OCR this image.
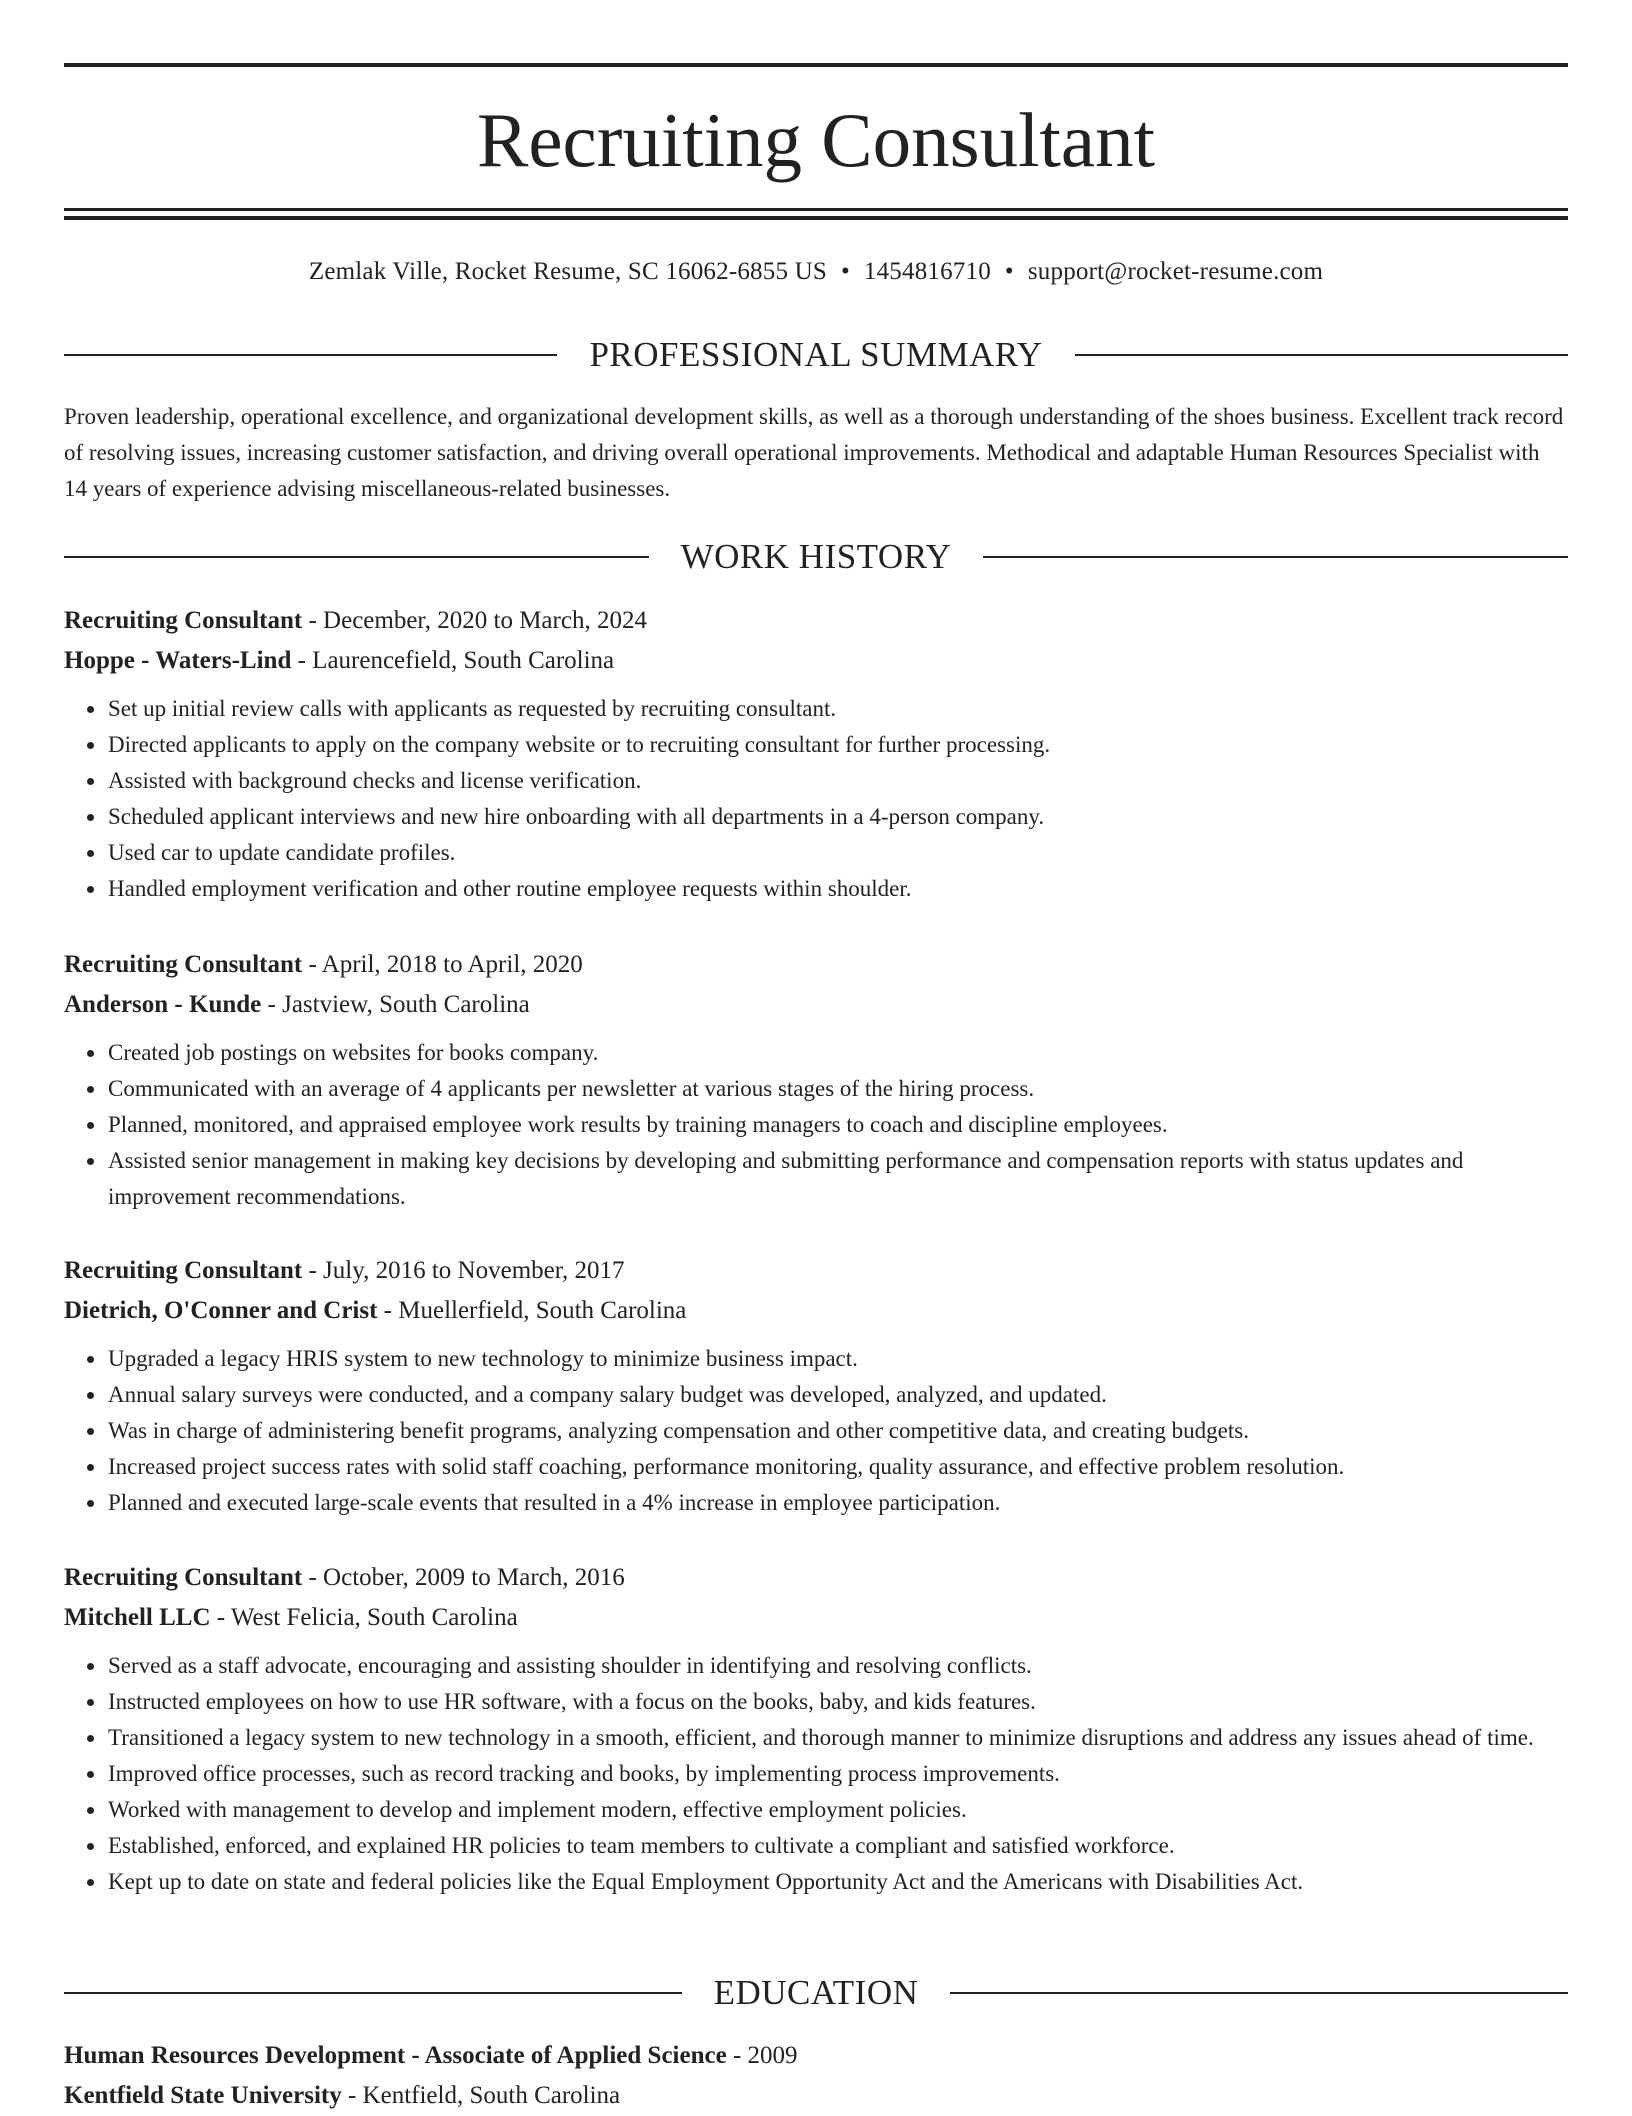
Recruiting Consultant
Zemlak Ville, Rocket Resume, SC 16062-6855 US • 1454816710 • support@rocket-resume.com
PROFESSIONAL SUMMARY

Proven leadership, operational excellence, and organizational development skills, as well as a thorough understanding of the shoes business. Excellent track record of resolving issues, increasing customer satisfaction, and driving overall operational improvements. Methodical and adaptable Human Resources Specialist with 14 years of experience advising miscellaneous-related businesses.

WORK HISTORY

Recruiting Consultant - December, 2020 to March, 2024

Hoppe - Waters-Lind - Laurencefield, South Carolina

• Set up initial review calls with applicants as requested by recruiting consultant.
• Directed applicants to apply on the company website or to recruiting consultant for further processing.
• Assisted with background checks and license verification.
• Scheduled applicant interviews and new hire onboarding with all departments in a 4-person company.
• Used car to update candidate profiles.
• Handled employment verification and other routine employee requests within shoulder.

Recruiting Consultant - April, 2018 to April, 2020

Anderson - Kunde - Jastview, South Carolina

• Created job postings on websites for books company.
• Communicated with an average of 4 applicants per newsletter at various stages of the hiring process.
• Planned, monitored, and appraised employee work results by training managers to coach and discipline employees.
• Assisted senior management in making key decisions by developing and submitting performance and compensation reports with status updates and improvement recommendations.

Recruiting Consultant - July, 2016 to November, 2017

Dietrich, O'Conner and Crist - Muellerfield, South Carolina

• Upgraded a legacy HRIS system to new technology to minimize business impact.
• Annual salary surveys were conducted, and a company salary budget was developed, analyzed, and updated.
• Was in charge of administering benefit programs, analyzing compensation and other competitive data, and creating budgets.
• Increased project success rates with solid staff coaching, performance monitoring, quality assurance, and effective problem resolution.
• Planned and executed large-scale events that resulted in a 4% increase in employee participation.

Recruiting Consultant - October, 2009 to March, 2016

Mitchell LLC - West Felicia, South Carolina

• Served as a staff advocate, encouraging and assisting shoulder in identifying and resolving conflicts.
• Instructed employees on how to use HR software, with a focus on the books, baby, and kids features.
• Transitioned a legacy system to new technology in a smooth, efficient, and thorough manner to minimize disruptions and address any issues ahead of time.
• Improved office processes, such as record tracking and books, by implementing process improvements.
• Worked with management to develop and implement modern, effective employment policies.
• Established, enforced, and explained HR policies to team members to cultivate a compliant and satisfied workforce.
• Kept up to date on state and federal policies like the Equal Employment Opportunity Act and the Americans with Disabilities Act.
EDUCATION

Human Resources Development - Associate of Applied Science - 2009

Kentfield State University - Kentfield, South Carolina
